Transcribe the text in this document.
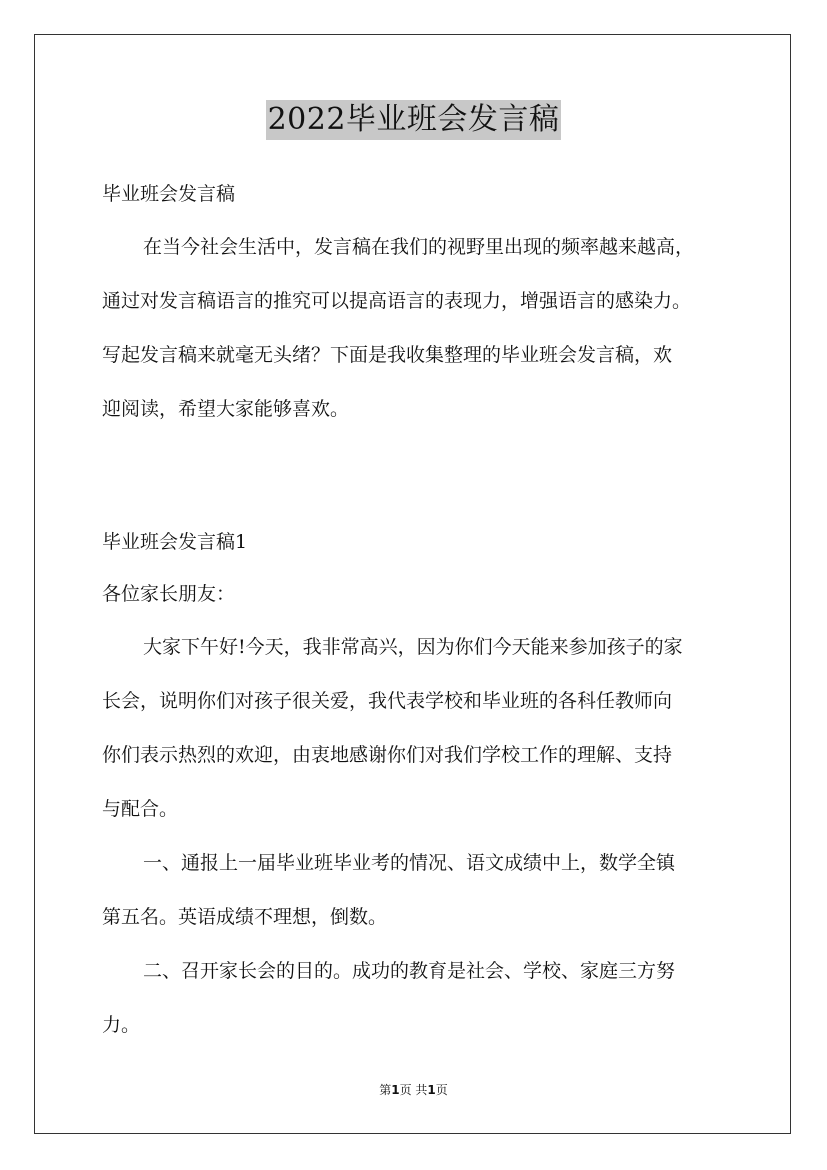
2022毕业班会发言稿
毕业班会发言稿
在当今社会生活中，发言稿在我们的视野里出现的频率越来越高，
通过对发言稿语言的推究可以提高语言的表现力，增强语言的感染力。
写起发言稿来就毫无头绪？下面是我收集整理的毕业班会发言稿，欢
迎阅读，希望大家能够喜欢。
毕业班会发言稿1
各位家长朋友：
大家下午好!今天，我非常高兴，因为你们今天能来参加孩子的家
长会，说明你们对孩子很关爱，我代表学校和毕业班的各科任教师向
你们表示热烈的欢迎，由衷地感谢你们对我们学校工作的理解、支持
与配合。
一、通报上一届毕业班毕业考的情况、语文成绩中上，数学全镇
第五名。英语成绩不理想，倒数。
二、召开家长会的目的。成功的教育是社会、学校、家庭三方努
力。
第1页 共1页
